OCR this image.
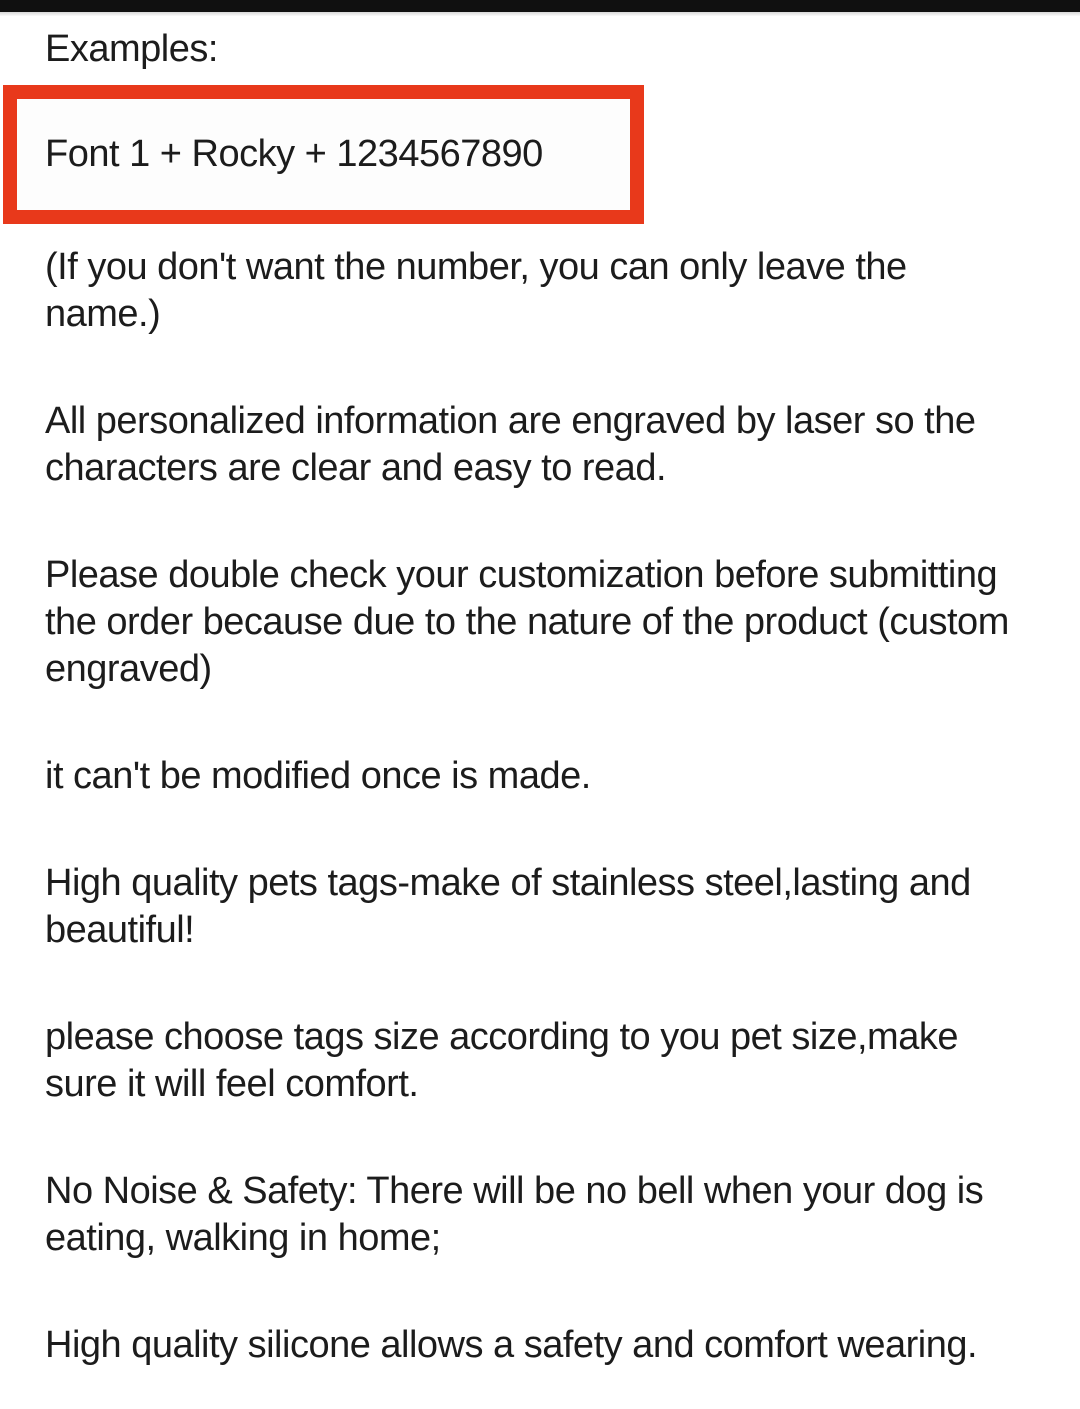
Examples:
Font 1 + Rocky + 1234567890
(If you don't want the number, you can only leave the
name.)
All personalized information are engraved by laser so the
characters are clear and easy to read.
Please double check your customization before submitting
the order because due to the nature of the product (custom
engraved)
it can't be modified once is made.
High quality pets tags-make of stainless steel,lasting and
beautiful!
please choose tags size according to you pet size,make
sure it will feel comfort.
No Noise & Safety: There will be no bell when your dog is
eating, walking in home;
High quality silicone allows a safety and comfort wearing.
